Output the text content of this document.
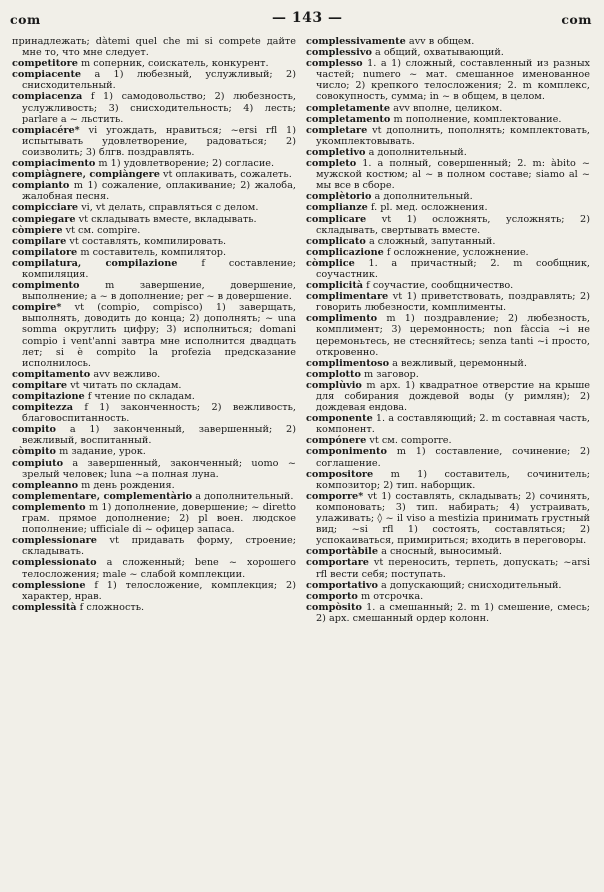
com	— 143 —	com

принадлежать; dàtemi quel che mi si compete дайте мне то, что мне следует.

competitore m соперник, соискатель, конкурент.

compiacente a 1) любезный, услужливый; 2) снисходительный.

compiacenza f 1) самодовольство; 2) любезность, услужливость; 3) снисходительность; 4) лесть; parlare a ~ льстить.

compiacére* vi угождать, нравиться; ~ersi rfl 1) испытывать удовлетворение, радоваться; 2) соизволить; 3) блгв. поздравлять.

compiacimento m 1) удовлетворение; 2) согласие.

compiàgnere, compiàngere vt оплакивать, сожалеть.

compianto m 1) сожаление, оплакивание; 2) жалоба, жалобная песня.

compicciare vi, vt делать, справляться с делом.

compiegare vt складывать вместе, вкладывать.

còmpiere vt см. compire.

compilare vt составлять, компилировать.

compilatore m составитель, компилятор.

compilatura, compilazione f составление; компиляция.

compimento	m завершение, довершение, выполнение; a ~ в дополнение; per ~ в довершение.

compire* vt (compio, compisco) 1) заверщать, выполнять, доводить до конца; 2) дополнять; ~ una somma округлить цифру; 3) исполниться; domani compio i vent'anni завтра мне исполнится двадцать лет; si è compito la profezia предсказание исполнилось.

compitamento avv вежливо.

compitare vt читать по складам.

compitazione f чтение по складам.

compitezza f 1) законченность; 2) вежливость, благовоспитанность.

compito a 1) законченный, завершенный; 2) вежливый, воспитанный.

còmpito m задание, урок.

compiuto a завершенный, законченный; uomo ~ зрелый человек; luna ~a полная луна.

compleanno m день рождения.

complementare, complementàrio a дополнительный.

complemento m 1) дополнение, довершение; ~ diretto грам. прямое дополнение; 2) pl воен. людское пополнение; ufficiale di ~ офицер запаса.

complessionare vt придавать форму, строение; складывать.

complessionato a сложенный; bene ~ хорошего телосложения; male ~ слабой комплекции.

complessione f 1) телосложение, комплекция; 2) характер, нрав.

complessità f сложность.

complessivamente avv в общем.

complessivo a общий, охватывающий.

complesso 1. a 1) сложный, составленный из разных частей; numero ~ мат. смешанное именованное число; 2) крепкого телосложения; 2. m комплекс, совокупность, сумма; in ~ в общем, в целом.

completamente avv вполне, целиком.

completamento m пополнение, комплектование.

completare vt дополнить, пополнять; комплектовать, укомплектовывать.

completivo a дополнительный.

completo 1. a полный, совершенный; 2. m: àbito ~ мужской костюм; al ~ в полном составе; siamo al ~ мы все в сборе.

complètorio a дополнительный.

complianze f. pl. мед. осложнения.

complicare vt 1) осложнять, усложнять; 2) складывать, свертывать вместе.

complicato a сложный, запутанный.

complicazione f осложнение, усложнение.

còmplice 1. a причастный; 2. m сообщник, соучастник.

complicità f соучастие, сообщничество.

complimentare vt 1) приветствовать, поздравлять; 2) говорить любезности, комплименты.

complimento m 1) поздравление; 2) любезность, комплимент; 3) церемонность; non fàccia ~i не церемоньтесь, не стесняйтесь; senza tanti ~i просто, откровенно.

complimentoso a вежливый, церемонный.

complotto m заговор.

complùvio m арх. 1) квадратное отверстие на крыше для собирания дождевой воды (у римлян); 2) дождевая ендова.

componente 1. a составляющий; 2. m составная часть, компонент.

compónere vt см. comporre.

componimento m 1) составление, сочинение; 2) соглашение.

compositore m 1) составитель, сочинитель; композитор; 2) тип. наборщик.

comporre* vt 1) составлять, складывать; 2) сочинять, компоновать; 3) тип. набирать; 4) устраивать, улаживать; ◊ ~ il viso a mestizia принимать грустный вид; ~si rfl 1) состоять, составляться; 2) успокаиваться, примириться; входить в переговоры.

comportàbile a сносный, выносимый.

comportare vt переносить, терпеть, допускать; ~arsi rfl вести себя; поступать.

comportativo a допускающий; снисходительный.

comporto m отсрочка.

compòsito 1. a смешанный; 2. m 1) смешение, смесь; 2) арх. смешанный ордер колонн.
